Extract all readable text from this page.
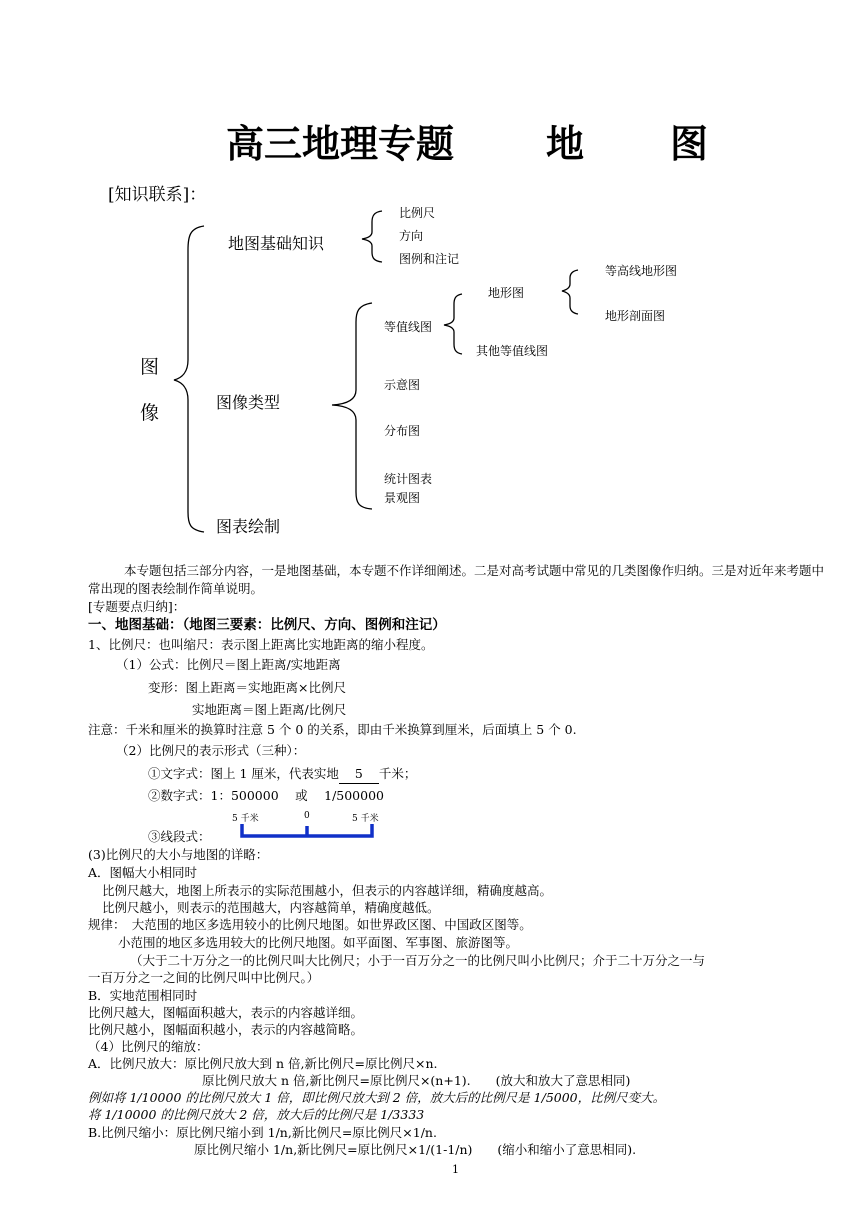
高三地理专题 地　图
[知识联系]：
图
像
地图基础知识
比例尺
方向
图例和注记
图像类型
等值线图
地形图
等高线地形图
地形剖面图
其他等值线图
示意图
分布图
统计图表
景观图
图表绘制
本专题包括三部分内容，一是地图基础，本专题不作详细阐述。二是对高考试题中常见的几类图像作归纳。三是对近年来考题中常出现的图表绘制作简单说明。
[专题要点归纳]：
一、地图基础：（地图三要素：比例尺、方向、图例和注记）
1、比例尺：也叫缩尺：表示图上距离比实地距离的缩小程度。
（1）公式：比例尺＝图上距离/实地距离
变形：图上距离＝实地距离×比例尺
实地距离＝图上距离/比例尺
注意：千米和厘米的换算时注意 5 个 0 的关系，即由千米换算到厘米，后面填上 5 个 0.
（2）比例尺的表示形式（三种）：
①文字式：图上 1 厘米，代表实地 5 千米；
②数字式：1：500000　 或 　1/500000
5 千米	0	5 千米
③线段式：
(3)比例尺的大小与地图的详略：
A．图幅大小相同时
比例尺越大，地图上所表示的实际范围越小，但表示的内容越详细，精确度越高。
比例尺越小，则表示的范围越大，内容越简单，精确度越低。
规律：　大范围的地区多选用较小的比例尺地图。如世界政区图、中国政区图等。
小范围的地区多选用较大的比例尺地图。如平面图、军事图、旅游图等。
（大于二十万分之一的比例尺叫大比例尺；小于一百万分之一的比例尺叫小比例尺；介于二十万分之一与
一百万分之一之间的比例尺叫中比例尺。）
B．实地范围相同时
比例尺越大，图幅面积越大，表示的内容越详细。
比例尺越小，图幅面积越小，表示的内容越简略。
（4）比例尺的缩放：
A．比例尺放大：原比例尺放大到 n 倍,新比例尺=原比例尺×n.
原比例尺放大 n 倍,新比例尺=原比例尺×(n+1).　　(放大和放大了意思相同)
例如将 1/10000 的比例尺放大 1 倍，即比例尺放大到 2 倍，放大后的比例尺是 1/5000，比例尺变大。
将 1/10000 的比例尺放大 2 倍，放大后的比例尺是 1/3333
B.比例尺缩小：原比例尺缩小到 1/n,新比例尺=原比例尺×1/n.
原比例尺缩小 1/n,新比例尺=原比例尺×1/(1-1/n)　　(缩小和缩小了意思相同).
1
